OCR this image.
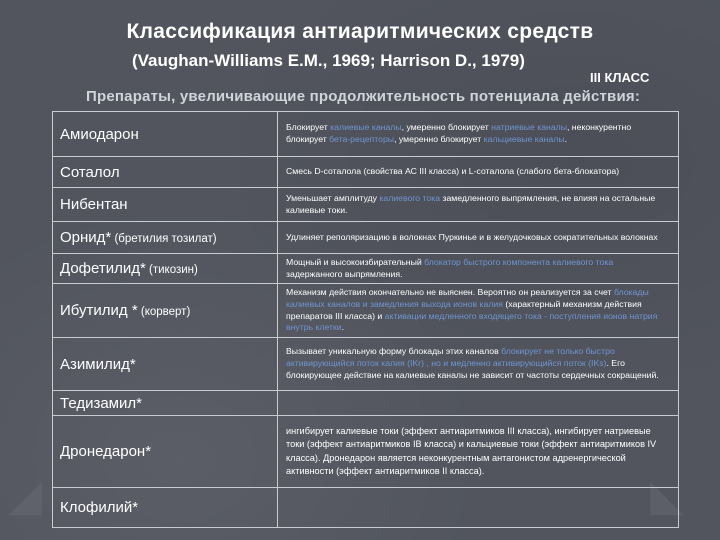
◢	◣
Классификация антиаритмических средств
(Vaughan-Williams E.M., 1969; Harrison D., 1979)
III КЛАСС
Препараты, увеличивающие продолжительность потенциала действия:
Амиодарон	Блокирует калиевые каналы, умеренно блокирует натриевые каналы, неконкурентно блокирует бета-рецепторы, умеренно блокирует кальциевые каналы.
Соталол	Смесь D-соталола (свойства АС III класса) и L-соталола (слабого бета-блокатора)
Нибентан	Уменьшает амплитуду калиевого тока замедленного выпрямления, не влияя на остальные калиевые токи.
Орнид* (бретилия тозилат)	Удлиняет реполяризацию в волокнах Пуркинье и в желудочковых сократительных волокнах
Дофетилид* (тикозин)	Мощный и высокоизбирательный блокатор быстрого компонента калиевого тока задержанного выпрямления.
Ибутилид * (корверт)	Механизм действия окончательно не выяснен. Вероятно он реализуется за счет блокады калиевых каналов и замедления выхода ионов калия (характерный механизм действия препаратов III класса) и активации медленного входящего тока - поступления ионов натрия внутрь клетки.
Азимилид*	Вызывает уникальную форму блокады этих каналов блокирует не только быстро активирующийся поток калия (IKr) , но и медленно активирующийся поток (IKs). Его блокирующее действие на калиевые каналы не зависит от частоты сердечных сокращений.
Тедизамил*	
Дронедарон*	ингибирует калиевые токи (эффект антиаритмиков III класса), ингибирует натриевые токи (эффект антиаритмиков IB класса) и кальциевые токи (эффект антиаритмиков IV класса). Дронедарон является неконкурентным антагонистом адренергической активности (эффект антиаритмиков II класса).
Клофилий*	
